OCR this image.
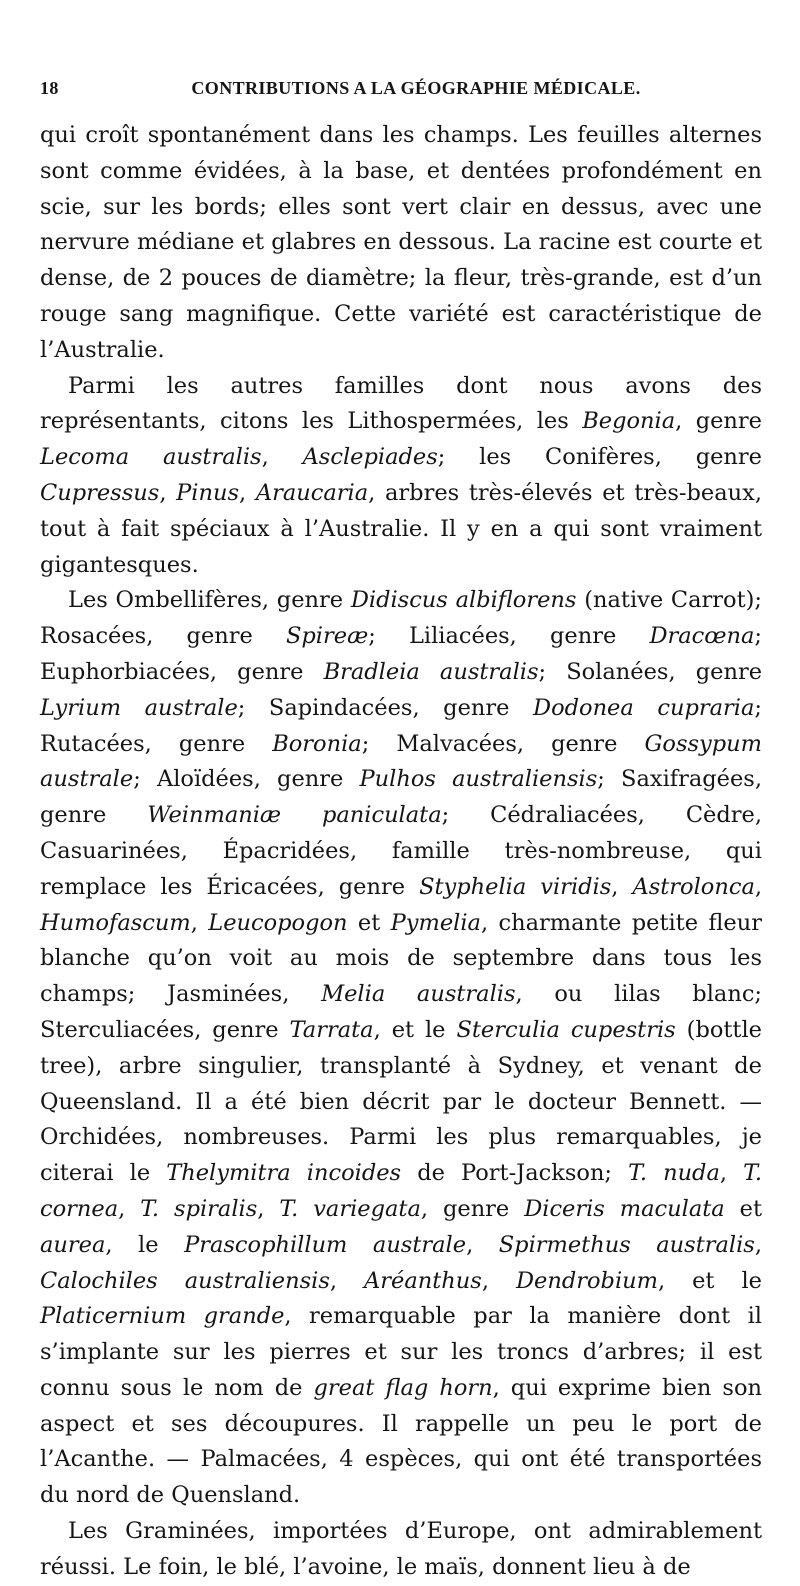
18	CONTRIBUTIONS A LA GÉOGRAPHIE MÉDICALE.

qui croît spontanément dans les champs. Les feuilles alternes sont comme évidées, à la base, et dentées profondément en scie, sur les bords; elles sont vert clair en dessus, avec une nervure médiane et glabres en dessous. La racine est courte et dense, de 2 pouces de diamètre; la fleur, très-grande, est d’un rouge sang magnifique. Cette variété est caractéristique de l’Australie.

Parmi les autres familles dont nous avons des représentants, citons les Lithospermées, les Begonia, genre Lecoma australis, Asclepiades; les Conifères, genre Cupressus, Pinus, Araucaria, arbres très-élevés et très-beaux, tout à fait spéciaux à l’Australie. Il y en a qui sont vraiment gigantesques.

Les Ombellifères, genre Didiscus albiflorens (native Carrot); Rosacées, genre Spireæ; Liliacées, genre Dracœna; Euphorbiacées, genre Bradleia australis; Solanées, genre Lyrium australe; Sapindacées, genre Dodonea cupraria; Rutacées, genre Boronia; Malvacées, genre Gossypum australe; Aloïdées, genre Pulhos australiensis; Saxifragées, genre Weinmaniæ paniculata; Cédraliacées, Cèdre, Casuarinées, Épacridées, famille très-nombreuse, qui remplace les Éricacées, genre Styphelia viridis, Astrolonca, Humofascum, Leucopogon et Pymelia, charmante petite fleur blanche qu’on voit au mois de septembre dans tous les champs; Jasminées, Melia australis, ou lilas blanc; Sterculiacées, genre Tarrata, et le Sterculia cupestris (bottle tree), arbre singulier, transplanté à Sydney, et venant de Queensland. Il a été bien décrit par le docteur Bennett. — Orchidées, nombreuses. Parmi les plus remarquables, je citerai le Thelymitra incoides de Port-Jackson; T. nuda, T. cornea, T. spiralis, T. variegata, genre Diceris maculata et aurea, le Prascophillum australe, Spirmethus australis, Calochiles australiensis, Aréanthus, Dendrobium, et le Platicernium grande, remarquable par la manière dont il s’implante sur les pierres et sur les troncs d’arbres; il est connu sous le nom de great flag horn, qui exprime bien son aspect et ses découpures. Il rappelle un peu le port de l’Acanthe. — Palmacées, 4 espèces, qui ont été transportées du nord de Quensland.

Les Graminées, importées d’Europe, ont admirablement réussi. Le foin, le blé, l’avoine, le maïs, donnent lieu à de
